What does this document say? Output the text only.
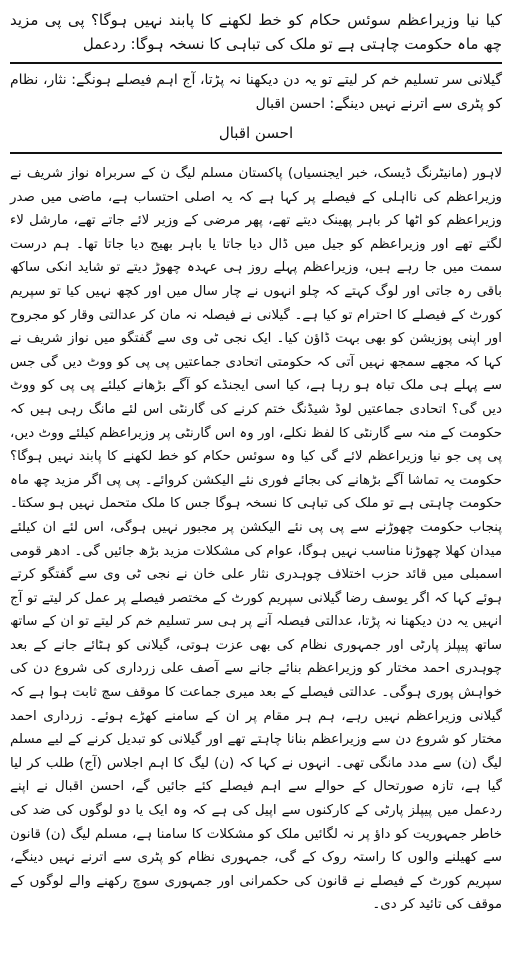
کیا نیا وزیراعظم سوئس حکام کو خط لکھنے کا پابند نہیں ہوگا؟ پی پی مزید چھ ماہ حکومت چاہتی ہے تو ملک کی تباہی کا نسخہ ہوگا: ردعمل
گیلانی سر تسلیم خم کر لیتے تو یہ دن دیکھنا نہ پڑتا، آج اہم فیصلے ہونگے: نثار، نظام کو پٹری سے اترنے نہیں دینگے: احسن اقبال
احسن اقبال

لاہور (مانیٹرنگ ڈیسک، خبر ایجنسیاں) پاکستان مسلم لیگ ن کے سربراہ نواز شریف نے وزیراعظم کی نااہلی کے فیصلے پر کہا ہے کہ یہ اصلی احتساب ہے، ماضی میں صدر وزیراعظم کو اٹھا کر باہر پھینک دیتے تھے، پھر مرضی کے وزیر لائے جاتے تھے، مارشل لاء لگتے تھے اور وزیراعظم کو جیل میں ڈال دیا جاتا یا باہر بھیج دیا جاتا تھا۔ ہم درست سمت میں جا رہے ہیں، وزیراعظم پہلے روز ہی عہدہ چھوڑ دیتے تو شاید انکی ساکھ باقی رہ جاتی اور لوگ کہتے کہ چلو انہوں نے چار سال میں اور کچھ نہیں کیا تو سپریم کورٹ کے فیصلے کا احترام تو کیا ہے۔ گیلانی نے فیصلہ نہ مان کر عدالتی وقار کو مجروح اور اپنی پوزیشن کو بھی بہت ڈاؤن کیا۔ ایک نجی ٹی وی سے گفتگو میں نواز شریف نے کہا کہ مجھے سمجھ نہیں آتی کہ حکومتی اتحادی جماعتیں پی پی کو ووٹ دیں گی جس سے پہلے ہی ملک تباہ ہو رہا ہے، کیا اسی ایجنڈے کو آگے بڑھانے کیلئے پی پی کو ووٹ دیں گی؟ اتحادی جماعتیں لوڈ شیڈنگ ختم کرنے کی گارنٹی اس لئے مانگ رہی ہیں کہ حکومت کے منہ سے گارنٹی کا لفظ نکلے، اور وہ اس گارنٹی پر وزیراعظم کیلئے ووٹ دیں، پی پی جو نیا وزیراعظم لائے گی کیا وہ سوئس حکام کو خط لکھنے کا پابند نہیں ہوگا؟ حکومت یہ تماشا آگے بڑھانے کی بجائے فوری نئے الیکشن کروائے۔ پی پی اگر مزید چھ ماہ حکومت چاہتی ہے تو ملک کی تباہی کا نسخہ ہوگا جس کا ملک متحمل نہیں ہو سکتا۔ پنجاب حکومت چھوڑنے سے پی پی نئے الیکشن پر مجبور نہیں ہوگی، اس لئے ان کیلئے میدان کھلا چھوڑنا مناسب نہیں ہوگا، عوام کی مشکلات مزید بڑھ جائیں گی۔ ادھر قومی اسمبلی میں قائد حزب اختلاف چوہدری نثار علی خان نے نجی ٹی وی سے گفتگو کرتے ہوئے کہا کہ اگر یوسف رضا گیلانی سپریم کورٹ کے مختصر فیصلے پر عمل کر لیتے تو آج انہیں یہ دن دیکھنا نہ پڑتا، عدالتی فیصلہ آنے پر ہی سر تسلیم خم کر لیتے تو ان کے ساتھ ساتھ پیپلز پارٹی اور جمہوری نظام کی بھی عزت ہوتی، گیلانی کو ہٹائے جانے کے بعد چوہدری احمد مختار کو وزیراعظم بنائے جانے سے آصف علی زرداری کی شروع دن کی خواہش پوری ہوگی۔ عدالتی فیصلے کے بعد میری جماعت کا موقف سچ ثابت ہوا ہے کہ گیلانی وزیراعظم نہیں رہے، ہم ہر مقام پر ان کے سامنے کھڑے ہوئے۔ زرداری احمد مختار کو شروع دن سے وزیراعظم بنانا چاہتے تھے اور گیلانی کو تبدیل کرنے کے لیے مسلم لیگ (ن) سے مدد مانگی تھی۔ انہوں نے کہا کہ (ن) لیگ کا اہم اجلاس (آج) طلب کر لیا گیا ہے، تازہ صورتحال کے حوالے سے اہم فیصلے کئے جائیں گے، احسن اقبال نے اپنے ردعمل میں پیپلز پارٹی کے کارکنوں سے اپیل کی ہے کہ وہ ایک یا دو لوگوں کی ضد کی خاطر جمہوریت کو داؤ پر نہ لگائیں ملک کو مشکلات کا سامنا ہے، مسلم لیگ (ن) قانون سے کھیلنے والوں کا راستہ روک کے گی، جمہوری نظام کو پٹری سے اترنے نہیں دینگے، سپریم کورٹ کے فیصلے نے قانون کی حکمرانی اور جمہوری سوچ رکھنے والے لوگوں کے موقف کی تائید کر دی۔
